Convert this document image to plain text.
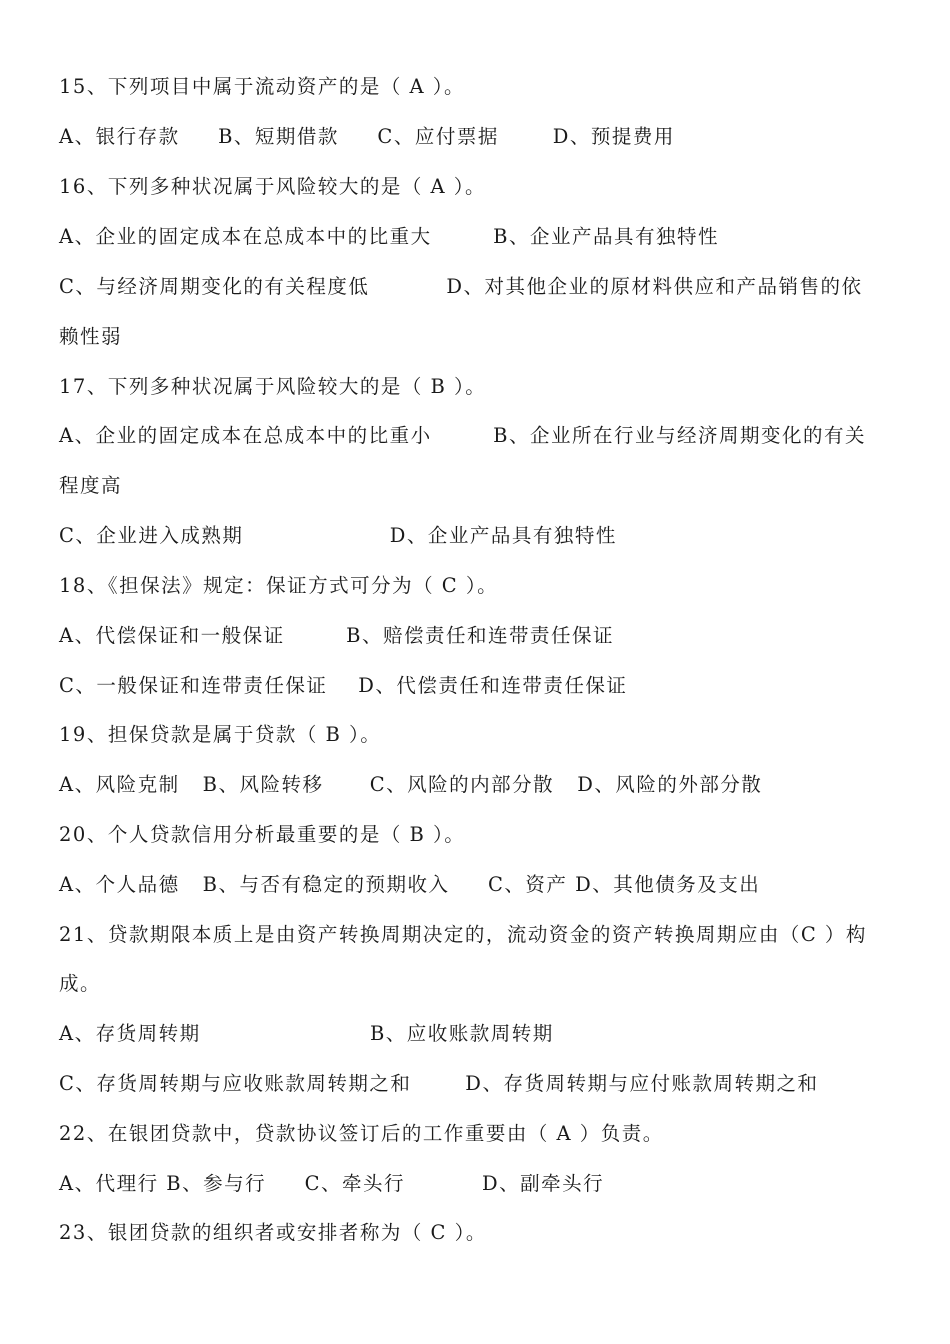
15、下列项目中属于流动资产的是（ A ）。
A、银行存款     B、短期借款     C、应付票据       D、预提费用
16、下列多种状况属于风险较大的是（ A ）。
A、企业的固定成本在总成本中的比重大        B、企业产品具有独特性
C、与经济周期变化的有关程度低          D、对其他企业的原材料供应和产品销售的依
赖性弱
17、下列多种状况属于风险较大的是（ B ）。
A、企业的固定成本在总成本中的比重小        B、企业所在行业与经济周期变化的有关
程度高
C、企业进入成熟期                   D、企业产品具有独特性
18、《担保法》规定：保证方式可分为（ C ）。
A、代偿保证和一般保证        B、赔偿责任和连带责任保证
C、一般保证和连带责任保证    D、代偿责任和连带责任保证
19、担保贷款是属于贷款（ B ）。
A、风险克制   B、风险转移      C、风险的内部分散   D、风险的外部分散
20、个人贷款信用分析最重要的是（ B ）。
A、个人品德   B、与否有稳定的预期收入     C、资产 D、其他债务及支出
21、贷款期限本质上是由资产转换周期决定的，流动资金的资产转换周期应由（C ）构
成。
A、存货周转期                      B、应收账款周转期
C、存货周转期与应收账款周转期之和       D、存货周转期与应付账款周转期之和
22、在银团贷款中，贷款协议签订后的工作重要由（ A ）负责。
A、代理行 B、参与行     C、牵头行          D、副牵头行
23、银团贷款的组织者或安排者称为（ C ）。
